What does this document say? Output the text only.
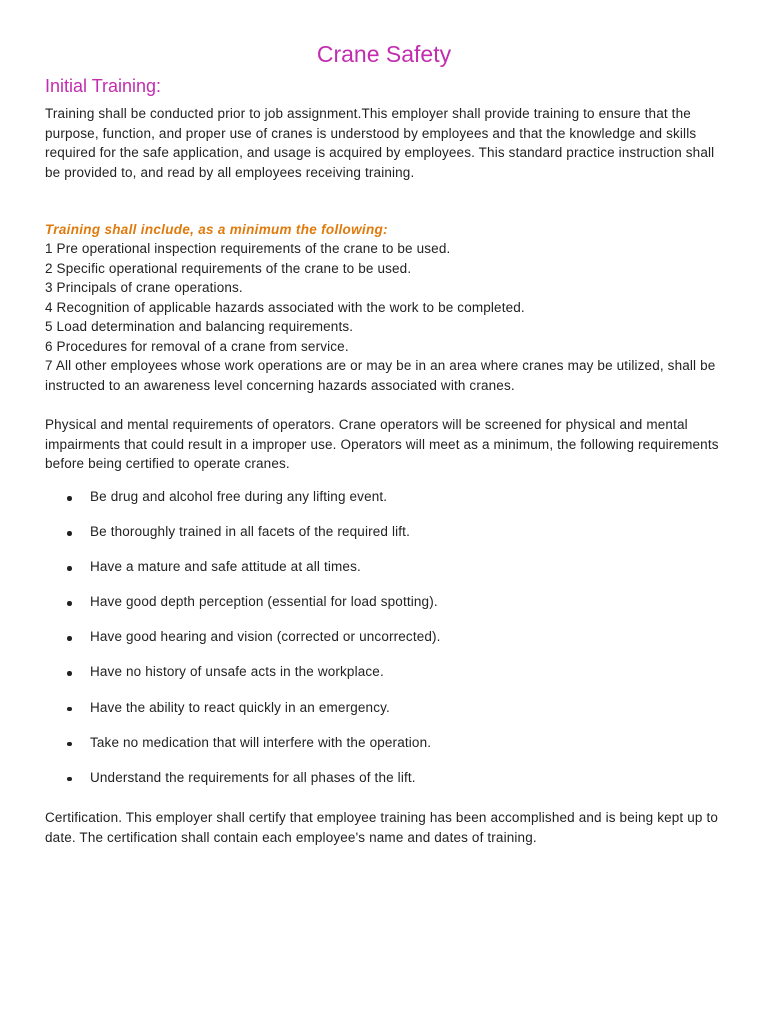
Crane Safety
Initial Training:

Training shall be conducted prior to job assignment.This employer shall provide training to ensure that the purpose, function, and proper use of cranes is understood by employees and that the knowledge and skills required for the safe application, and usage is acquired by employees. This standard practice instruction shall be provided to, and read by all employees receiving training.

Training shall include, as a minimum the following:

1 Pre operational inspection requirements of the crane to be used.
2 Specific operational requirements of the crane to be used.
3 Principals of crane operations.
4 Recognition of applicable hazards associated with the work to be completed.
5 Load determination and balancing requirements.
6 Procedures for removal of a crane from service.
7 All other employees whose work operations are or may be in an area where cranes may be utilized, shall be instructed to an awareness level concerning hazards associated with cranes.

Physical and mental requirements of operators. Crane operators will be screened for physical and mental impairments that could result in a improper use. Operators will meet as a minimum, the following requirements before being certified to operate cranes.

Be drug and alcohol free during any lifting event.
Be thoroughly trained in all facets of the required lift.
Have a mature and safe attitude at all times.
Have good depth perception (essential for load spotting).
Have good hearing and vision (corrected or uncorrected).
Have no history of unsafe acts in the workplace.
Have the ability to react quickly in an emergency.
Take no medication that will interfere with the operation.
Understand the requirements for all phases of the lift.

Certification. This employer shall certify that employee training has been accomplished and is being kept up to date. The certification shall contain each employee's name and dates of training.
